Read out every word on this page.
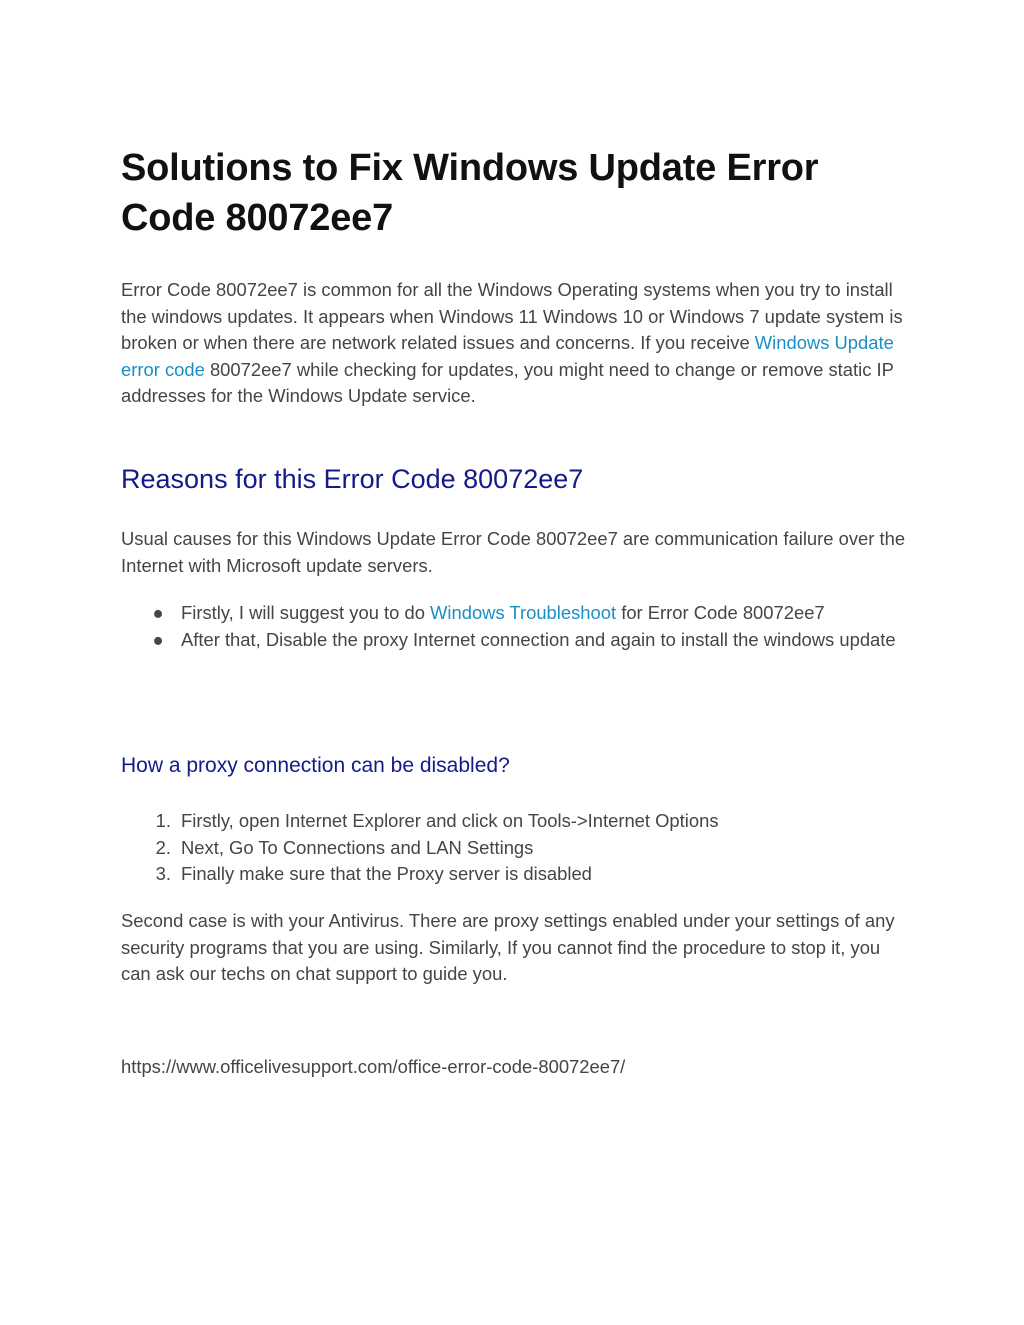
Solutions to Fix Windows Update Error Code 80072ee7

Error Code 80072ee7 is common for all the Windows Operating systems when you try to install the windows updates. It appears when Windows 11 Windows 10 or Windows 7 update system is broken or when there are network related issues and concerns. If you receive Windows Update error code 80072ee7 while checking for updates, you might need to change or remove static IP addresses for the Windows Update service.

Reasons for this Error Code 80072ee7

Usual causes for this Windows Update Error Code 80072ee7 are communication failure over the Internet with Microsoft update servers.

● Firstly, I will suggest you to do Windows Troubleshoot for Error Code 80072ee7
● After that, Disable the proxy Internet connection and again to install the windows update
How a proxy connection can be disabled?
1. Firstly, open Internet Explorer and click on Tools->Internet Options
2. Next, Go To Connections and LAN Settings
3. Finally make sure that the Proxy server is disabled

Second case is with your Antivirus. There are proxy settings enabled under your settings of any security programs that you are using. Similarly, If you cannot find the procedure to stop it, you can ask our techs on chat support to guide you.

https://www.officelivesupport.com/office-error-code-80072ee7/
